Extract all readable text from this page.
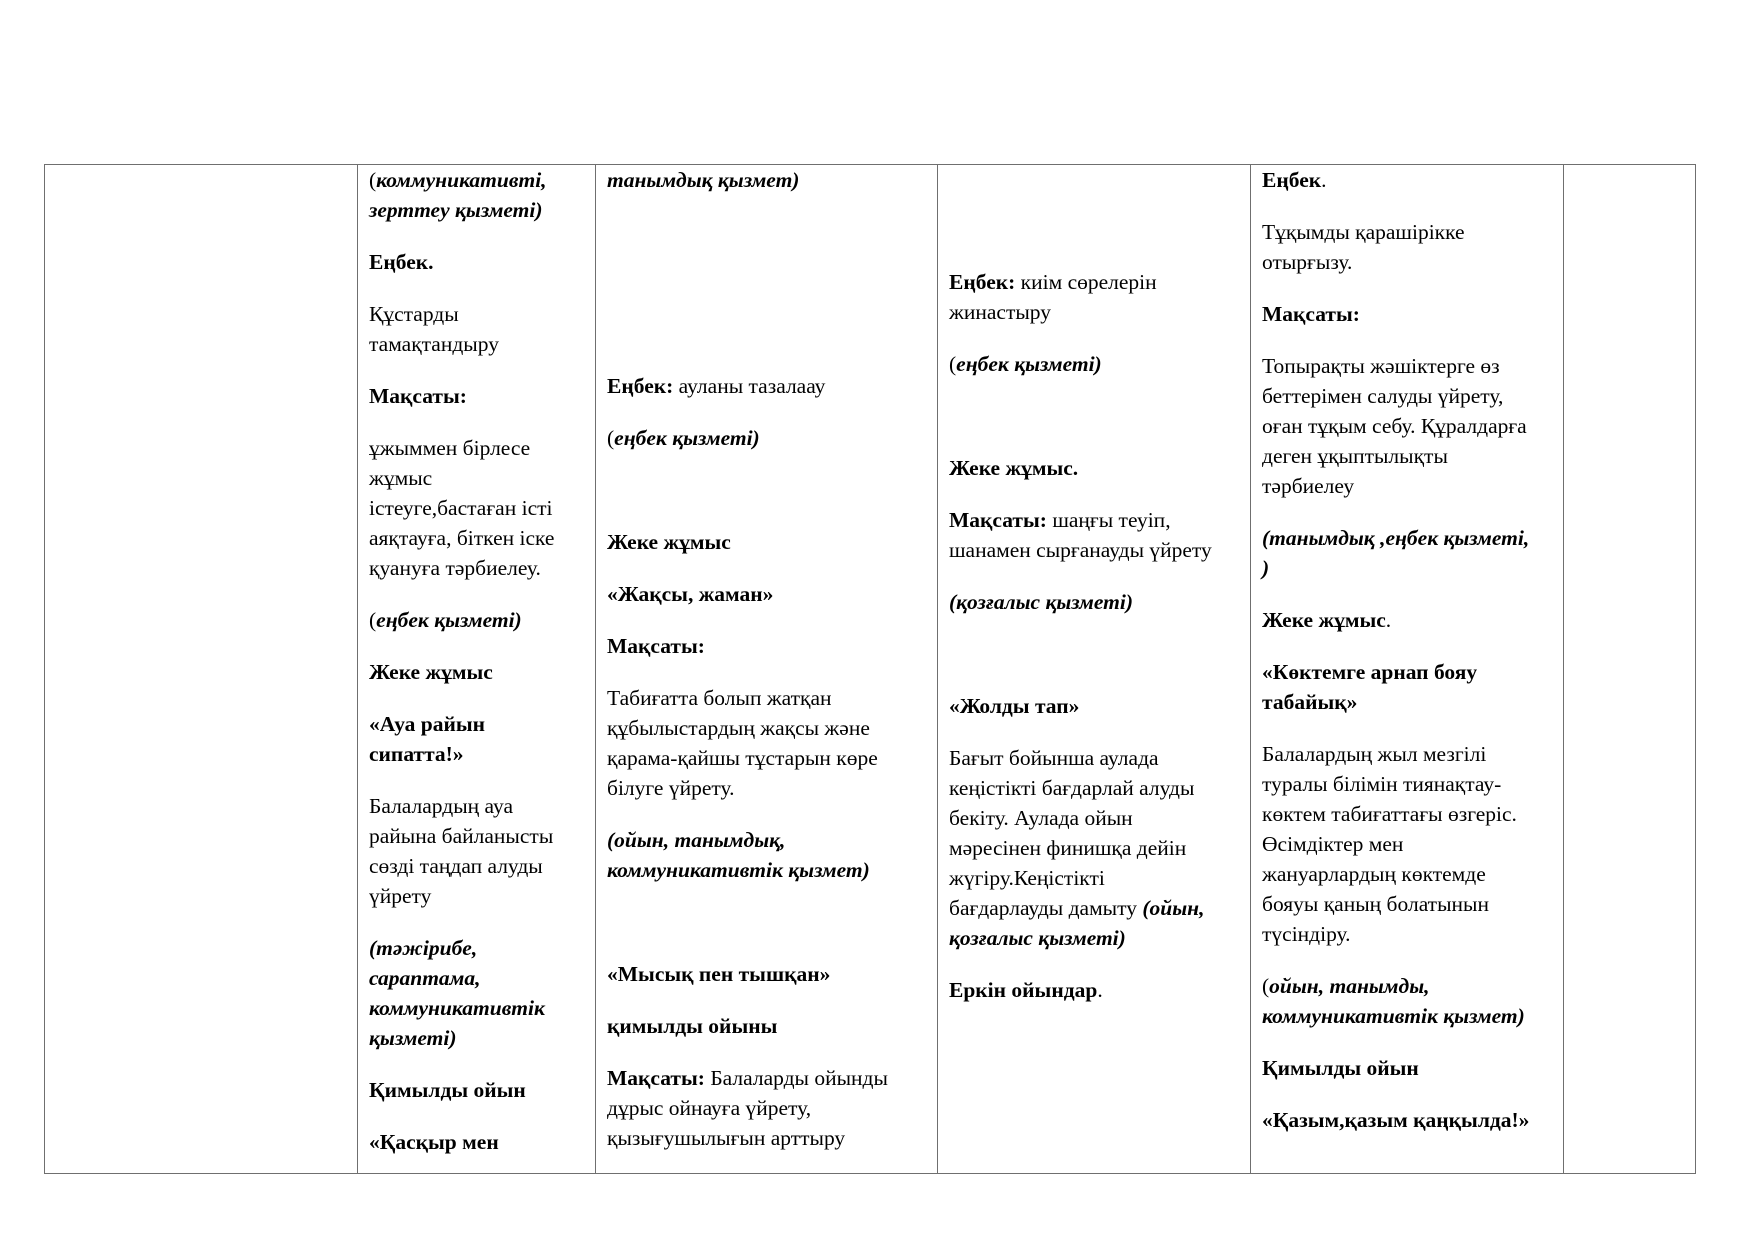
(коммуникативті,
зерттеу қызметі)
Еңбек.
Құстарды
тамақтандыру
Мақсаты:
ұжыммен бірлесе
жұмыс
істеуге,бастаған істі
аяқтауға, біткен іске
қуануға тәрбиелеу.
(еңбек қызметі)
Жеке жұмыс
«Ауа райын
сипатта!»
Балалардың ауа
райына байланысты
сөзді таңдап алуды
үйрету
(тәжірибе,
сараптама,
коммуникативтік
қызметі)
Қимылды ойын
«Қасқыр мен

танымдық қызмет)
Еңбек: ауланы тазалаау
(еңбек қызметі)
Жеке жұмыс
«Жақсы, жаман»
Мақсаты:
Табиғатта болып жатқан
құбылыстардың жақсы және
қарама-қайшы тұстарын көре
білуге үйрету.
(ойын, танымдық,
коммуникативтік қызмет)
«Мысық пен тышқан»
қимылды ойыны
Мақсаты: Балаларды ойынды
дұрыс ойнауға үйрету,
қызығушылығын арттыру

Еңбек: киім сөрелерін
жинастыру
(еңбек қызметі)
Жеке жұмыс.
Мақсаты: шаңғы теуіп,
шанамен сырғанауды үйрету
(қозғалыс қызметі)
«Жолды тап»
Бағыт бойынша аулада
кеңістікті бағдарлай алуды
бекіту. Аулада ойын
мәресінен финишқа дейін
жүгіру.Кеңістікті
бағдарлауды дамыту (ойын,
қозғалыс қызметі)
Еркін ойындар.

Еңбек.
Тұқымды қарашірікке
отырғызу.
Мақсаты:
Топырақты жәшіктерге өз
беттерімен салуды үйрету,
оған тұқым себу. Құралдарға
деген ұқыптылықты
тәрбиелеу
(танымдық ,еңбек қызметі,
)
Жеке жұмыс.
«Көктемге арнап бояу
табайық»
Балалардың жыл мезгілі
туралы білімін тиянақтау-
көктем табиғаттағы өзгеріс.
Өсімдіктер мен
жануарлардың көктемде
бояуы қаның болатынын
түсіндіру.
(ойын, танымды,
коммуникативтік қызмет)
Қимылды ойын
«Қазым,қазым қаңқылда!»
